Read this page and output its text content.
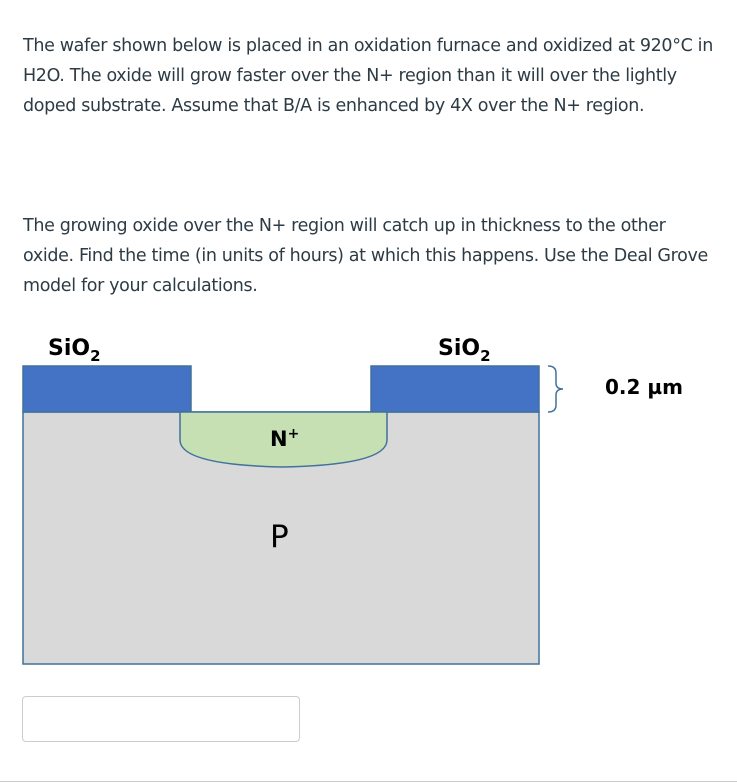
The wafer shown below is placed in an oxidation furnace and oxidized at 920°C in H2O. The oxide will grow faster over the N+ region than it will over the lightly doped substrate. Assume that B/A is enhanced by 4X over the N+ region.

The growing oxide over the N+ region will catch up in thickness to the other oxide. Find the time (in units of hours) at which this happens. Use the Deal Grove model for your calculations.

SiO$_2$	SiO$_2$
N+
P
0.2 µm
